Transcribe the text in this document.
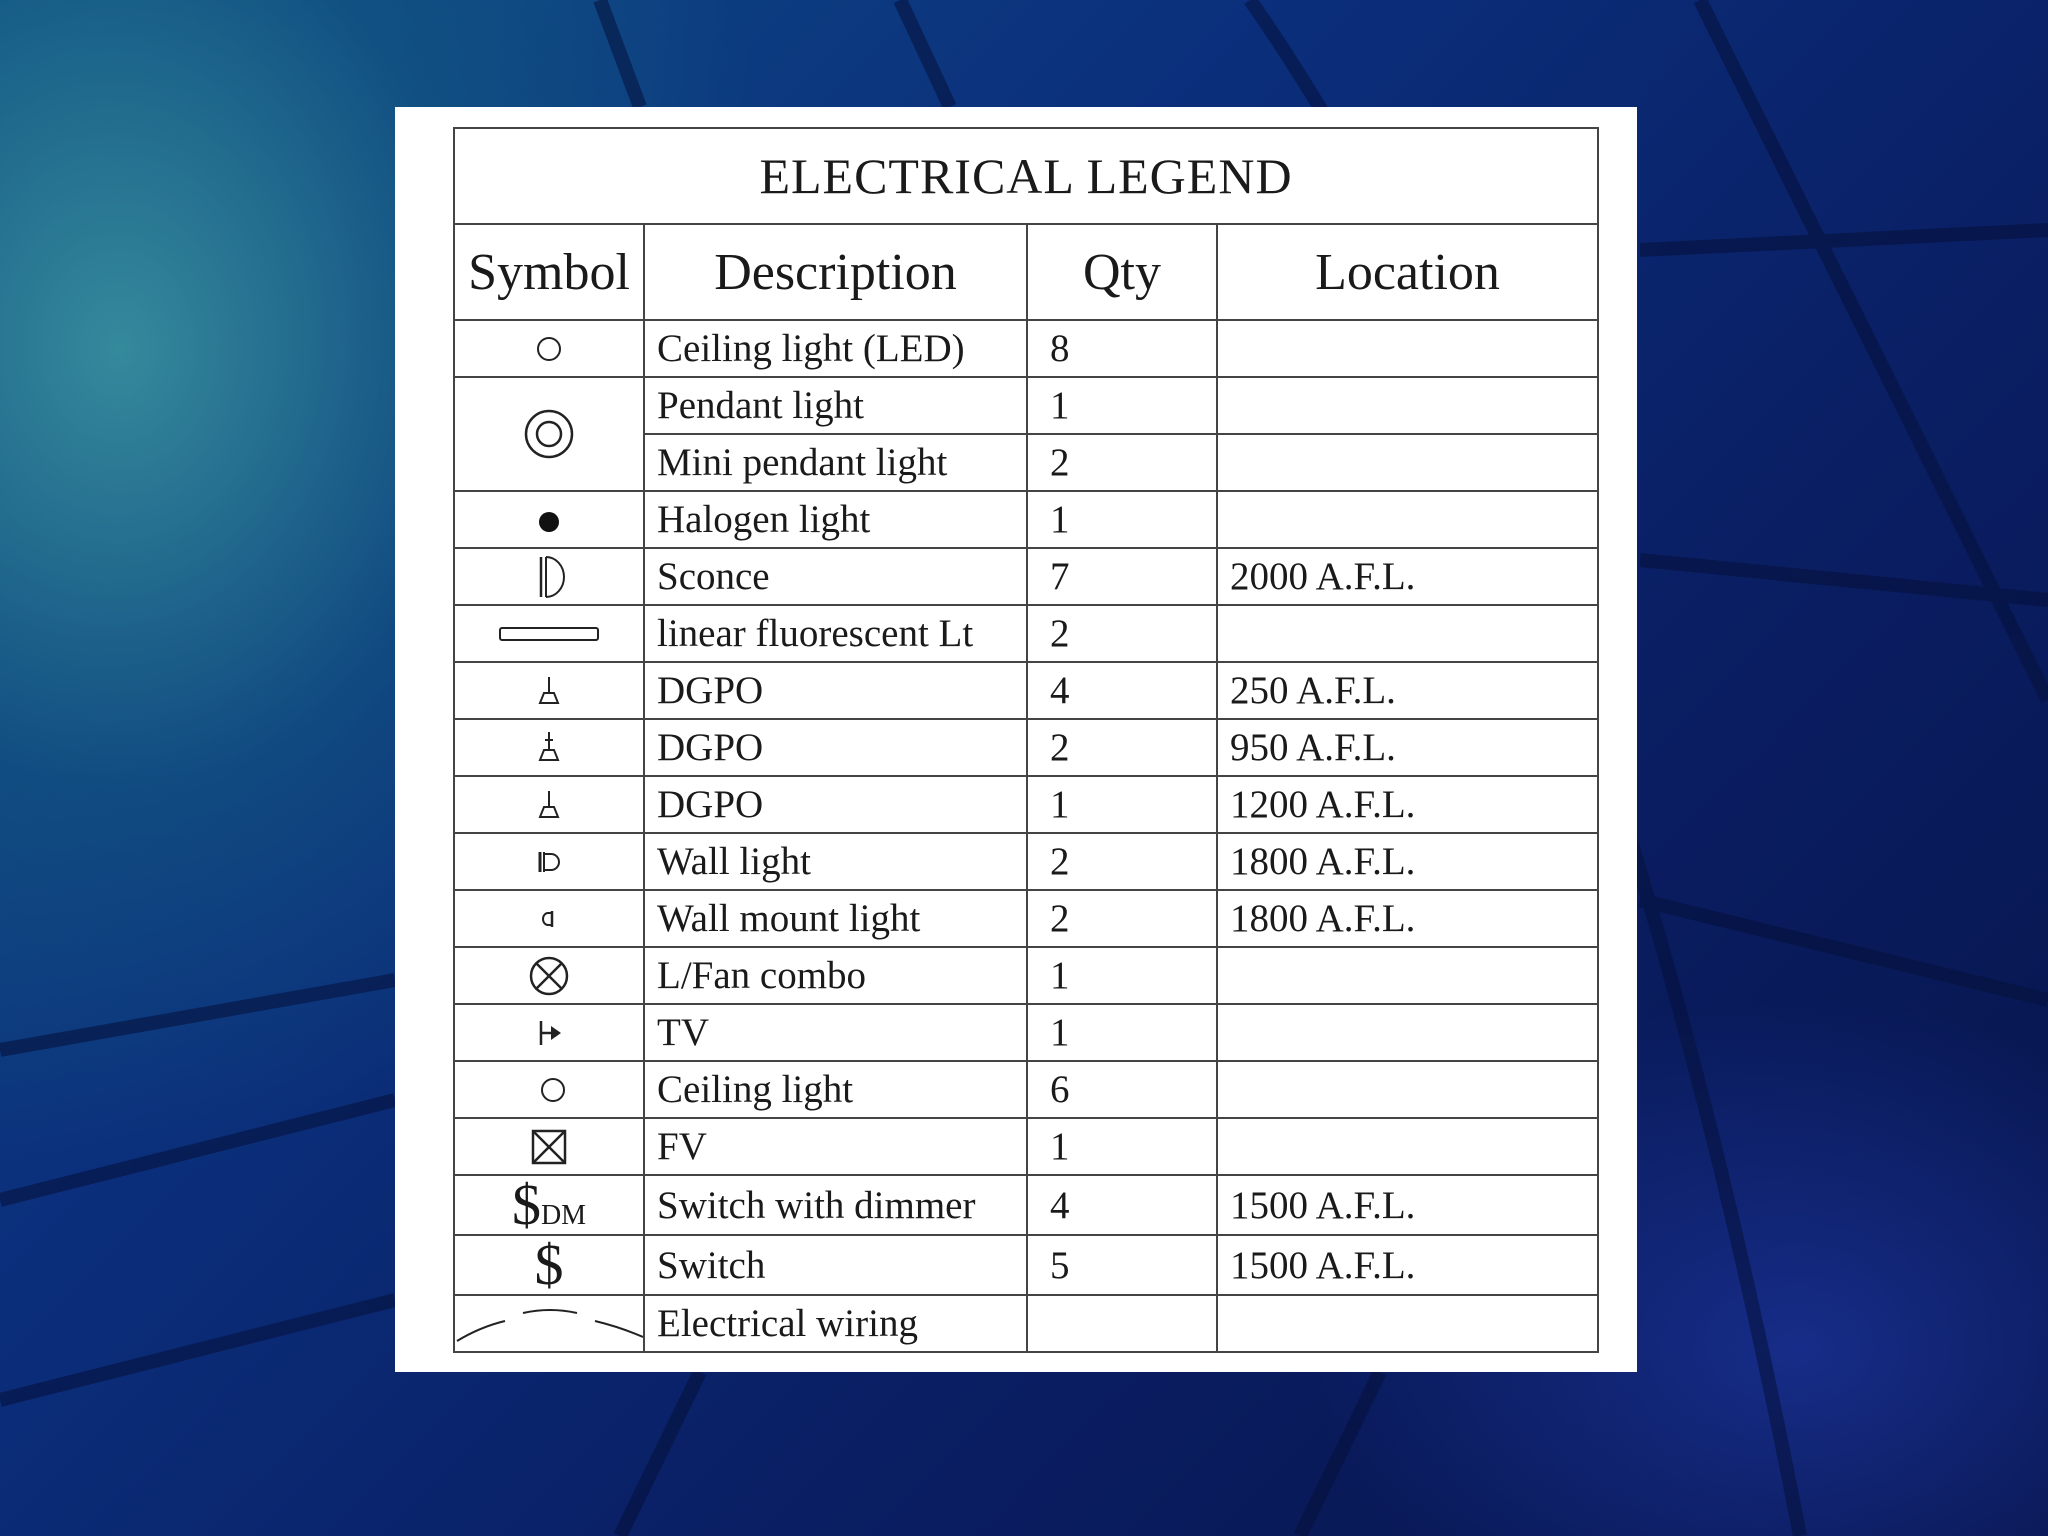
ELECTRICAL LEGEND			
Symbol	Description	Qty	Location

	Ceiling light (LED)	8	

	Pendant light	1	
	Mini pendant light	2	

	Halogen light	1	

	Sconce	7	2000 A.F.L.

	linear fluorescent Lt	2	

	DGPO	4	250 A.F.L.

	DGPO	2	950 A.F.L.

	DGPO	1	1200 A.F.L.

	Wall light	2	1800 A.F.L.

	Wall mount light	2	1800 A.F.L.

	L/Fan combo	1	

	TV	1	

	Ceiling light	6	

	FV	1	
$DM	Switch with dimmer	4	1500 A.F.L.
$	Switch	5	1500 A.F.L.

	Electrical wiring		
